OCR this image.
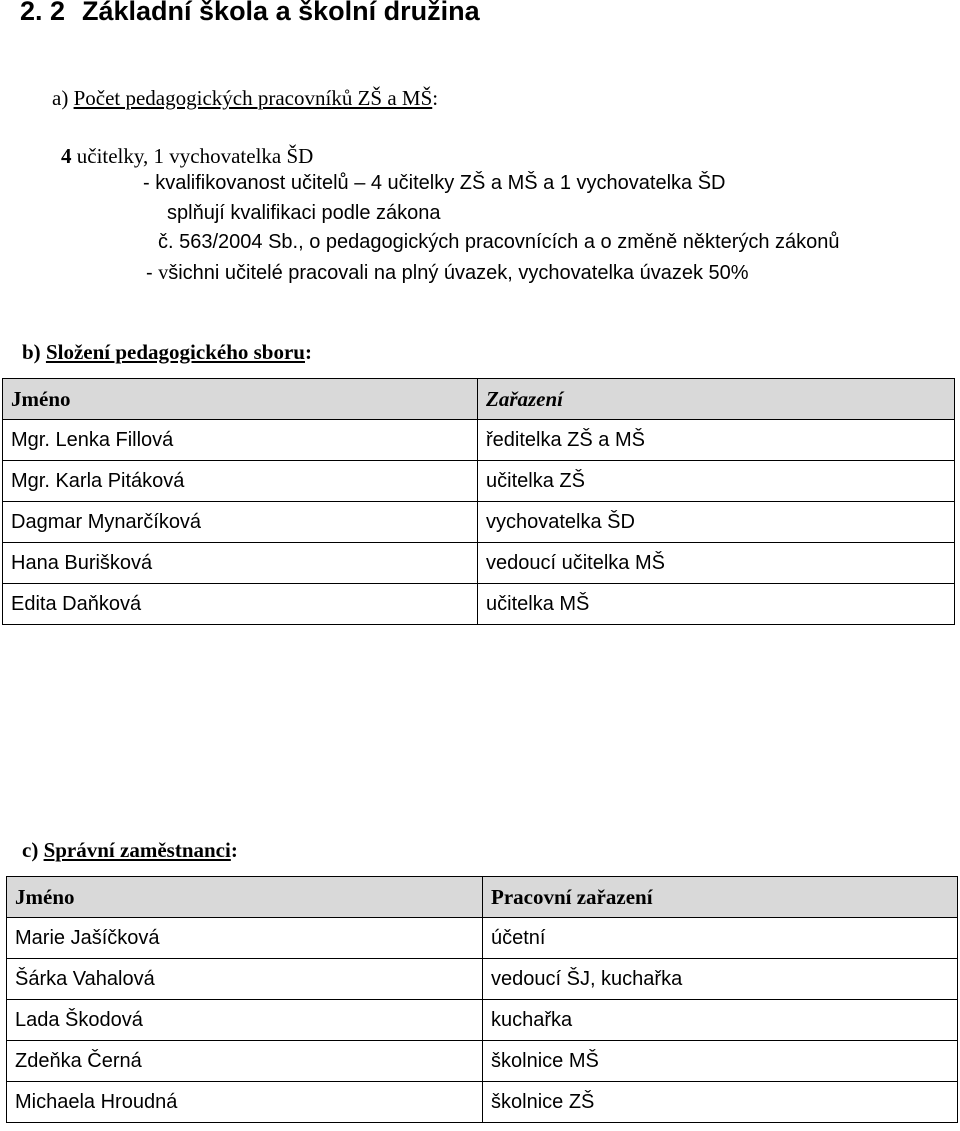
2. 2 Základní škola a školní družina
a) Počet pedagogických pracovníků ZŠ a MŠ:
4 učitelky, 1 vychovatelka ŠD
- kvalifikovanost učitelů – 4 učitelky ZŠ a MŠ a 1 vychovatelka ŠD
splňují kvalifikaci podle zákona
č. 563/2004 Sb., o pedagogických pracovnících a o změně některých zákonů
- všichni učitelé pracovali na plný úvazek, vychovatelka úvazek 50%
b) Složení pedagogického sboru:
Jméno	Zařazení
Mgr. Lenka Fillová	ředitelka ZŠ a MŠ
Mgr. Karla Pitáková	učitelka ZŠ
Dagmar Mynarčíková	vychovatelka ŠD
Hana Burišková	vedoucí učitelka MŠ
Edita Daňková	učitelka MŠ
c) Správní zaměstnanci:
Jméno	Pracovní zařazení
Marie Jašíčková	účetní
Šárka Vahalová	vedoucí ŠJ, kuchařka
Lada Škodová	kuchařka
Zdeňka Černá	školnice MŠ
Michaela Hroudná	školnice ZŠ
